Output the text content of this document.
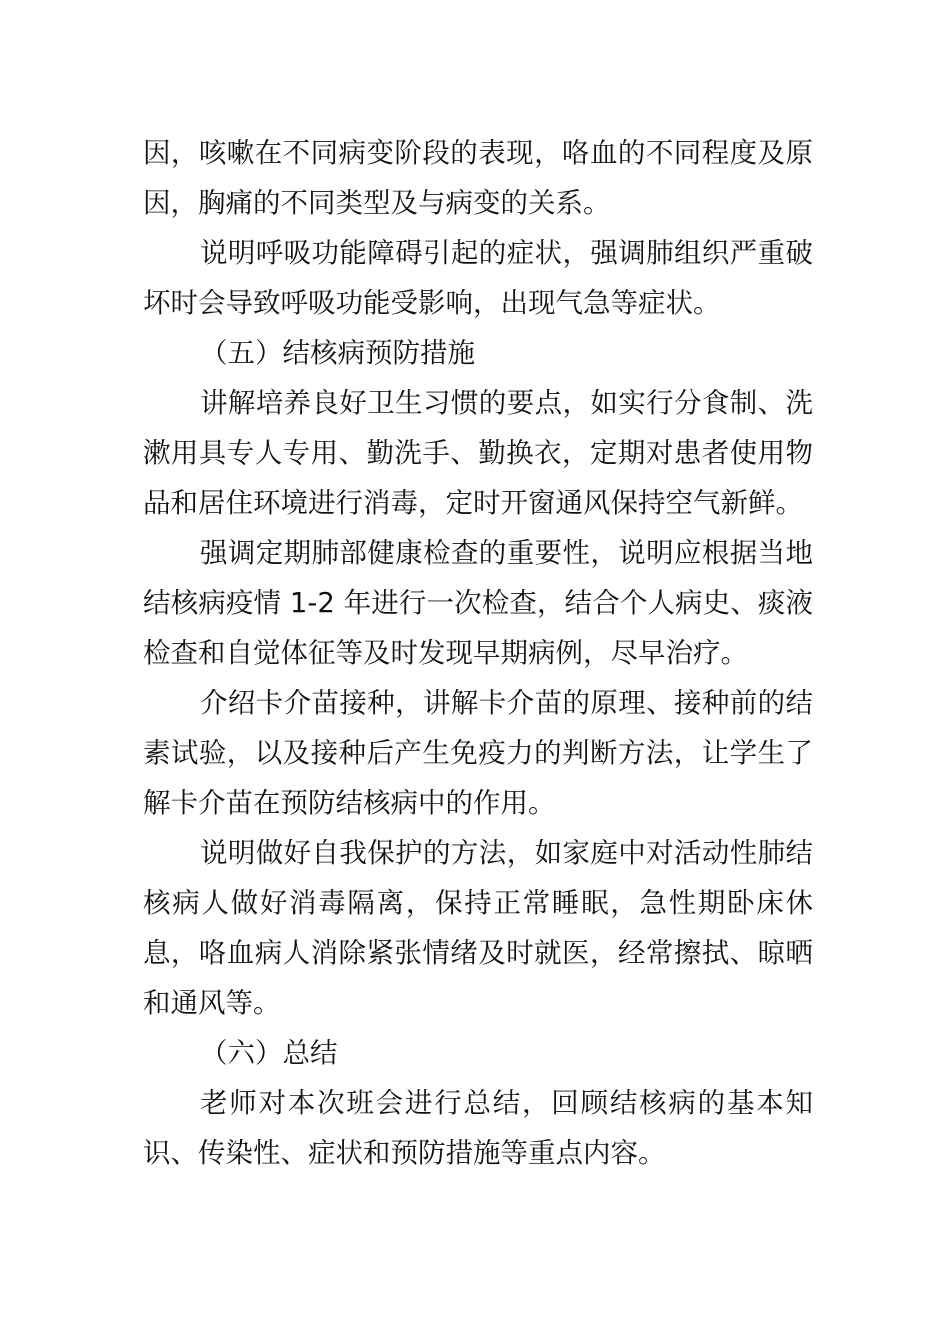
因，咳嗽在不同病变阶段的表现，咯血的不同程度及原因，胸痛的不同类型及与病变的关系。

说明呼吸功能障碍引起的症状，强调肺组织严重破坏时会导致呼吸功能受影响，出现气急等症状。

（五）结核病预防措施

讲解培养良好卫生习惯的要点，如实行分食制、洗漱用具专人专用、勤洗手、勤换衣，定期对患者使用物品和居住环境进行消毒，定时开窗通风保持空气新鲜。

强调定期肺部健康检查的重要性，说明应根据当地结核病疫情 1-2 年进行一次检查，结合个人病史、痰液检查和自觉体征等及时发现早期病例，尽早治疗。

介绍卡介苗接种，讲解卡介苗的原理、接种前的结素试验，以及接种后产生免疫力的判断方法，让学生了解卡介苗在预防结核病中的作用。

说明做好自我保护的方法，如家庭中对活动性肺结核病人做好消毒隔离，保持正常睡眠，急性期卧床休息，咯血病人消除紧张情绪及时就医，经常擦拭、晾晒和通风等。

（六）总结

老师对本次班会进行总结，回顾结核病的基本知识、传染性、症状和预防措施等重点内容。
